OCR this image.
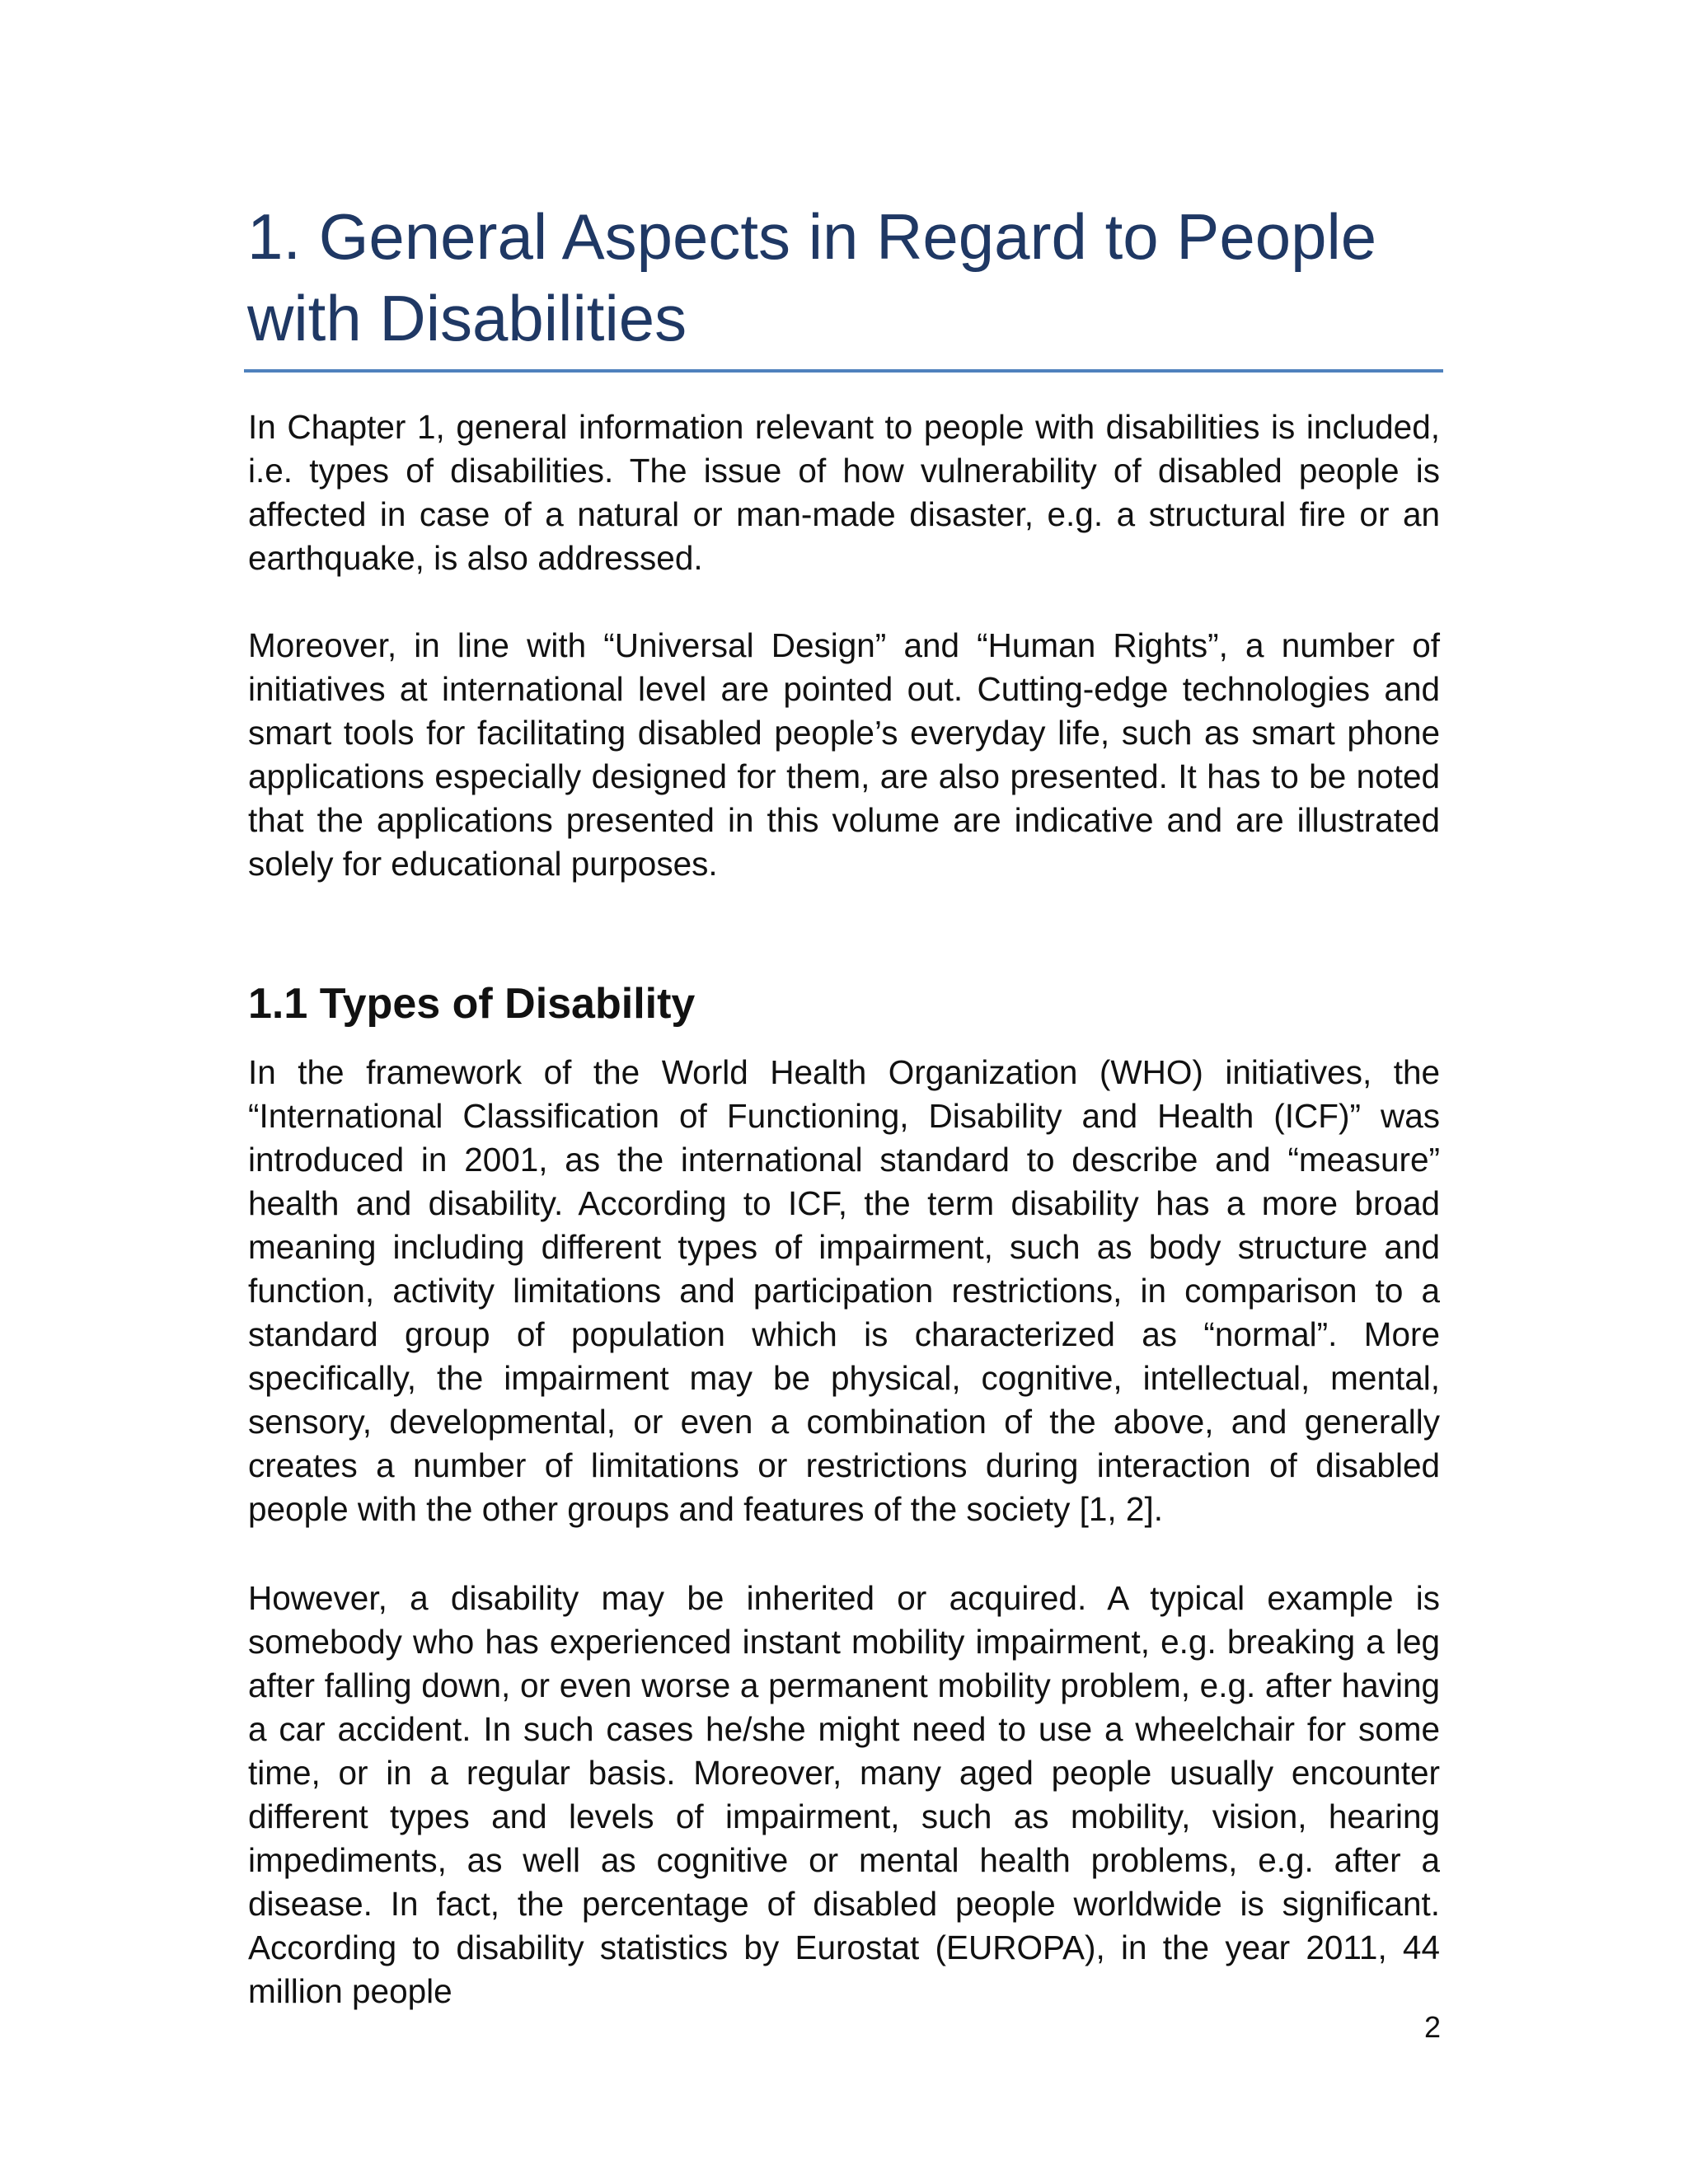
1. General Aspects in Regard to People with Disabilities

In Chapter 1, general information relevant to people with disabilities is included, i.e. types of disabilities. The issue of how vulnerability of disabled people is affected in case of a natural or man-made disaster, e.g. a structural fire or an earthquake, is also addressed.

Moreover, in line with “Universal Design” and “Human Rights”, a number of initiatives at international level are pointed out. Cutting-edge technologies and smart tools for facilitating disabled people’s everyday life, such as smart phone applications especially designed for them, are also presented. It has to be noted that the applications presented in this volume are indicative and are illustrated solely for educational purposes.

1.1 Types of Disability

In the framework of the World Health Organization (WHO) initiatives, the “International Classification of Functioning, Disability and Health (ICF)” was introduced in 2001, as the international standard to describe and “measure” health and disability. According to ICF, the term disability has a more broad meaning including different types of impairment, such as body structure and function, activity limitations and participation restrictions, in comparison to a standard group of population which is characterized as “normal”. More specifically, the impairment may be physical, cognitive, intellectual, mental, sensory, developmental, or even a combination of the above, and generally creates a number of limitations or restrictions during interaction of disabled people with the other groups and features of the society [1, 2].

However, a disability may be inherited or acquired. A typical example is somebody who has experienced instant mobility impairment, e.g. breaking a leg after falling down, or even worse a permanent mobility problem, e.g. after having a car accident. In such cases he/she might need to use a wheelchair for some time, or in a regular basis. Moreover, many aged people usually encounter different types and levels of impairment, such as mobility, vision, hearing impediments, as well as cognitive or mental health problems, e.g. after a disease. In fact, the percentage of disabled people worldwide is significant. According to disability statistics by Eurostat (EUROPA), in the year 2011, 44 million people

2
